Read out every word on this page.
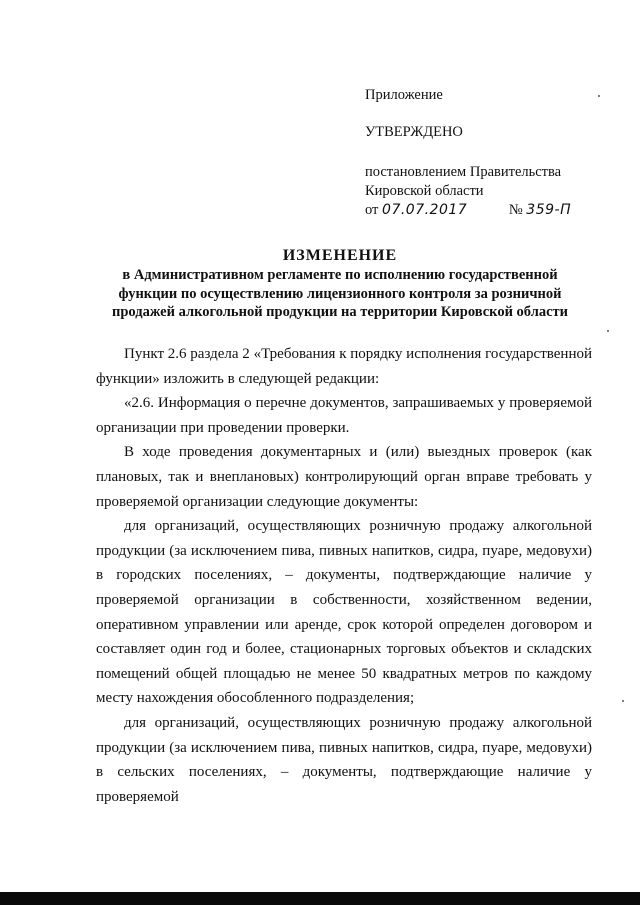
Приложение
УТВЕРЖДЕНО
постановлением Правительства
Кировской области
от 07.07.2017	№ 359-П
ИЗМЕНЕНИЕ
в Административном регламенте по исполнению государственной
функции по осуществлению лицензионного контроля за розничной
продажей алкогольной продукции на территории Кировской области

Пункт 2.6 раздела 2 «Требования к порядку исполнения государственной функции» изложить в следующей редакции:

«2.6. Информация о перечне документов, запрашиваемых у проверяемой организации при проведении проверки.

В ходе проведения документарных и (или) выездных проверок (как плановых, так и внеплановых) контролирующий орган вправе требовать у проверяемой организации следующие документы:

для организаций, осуществляющих розничную продажу алкогольной продукции (за исключением пива, пивных напитков, сидра, пуаре, медовухи) в городских поселениях, – документы, подтверждающие наличие у проверяемой организации в собственности, хозяйственном ведении, оперативном управлении или аренде, срок которой определен договором и составляет один год и более, стационарных торговых объектов и складских помещений общей площадью не менее 50 квадратных метров по каждому месту нахождения обособленного подразделения;

для организаций, осуществляющих розничную продажу алкогольной продукции (за исключением пива, пивных напитков, сидра, пуаре, медовухи) в сельских поселениях, – документы, подтверждающие наличие у проверяемой
